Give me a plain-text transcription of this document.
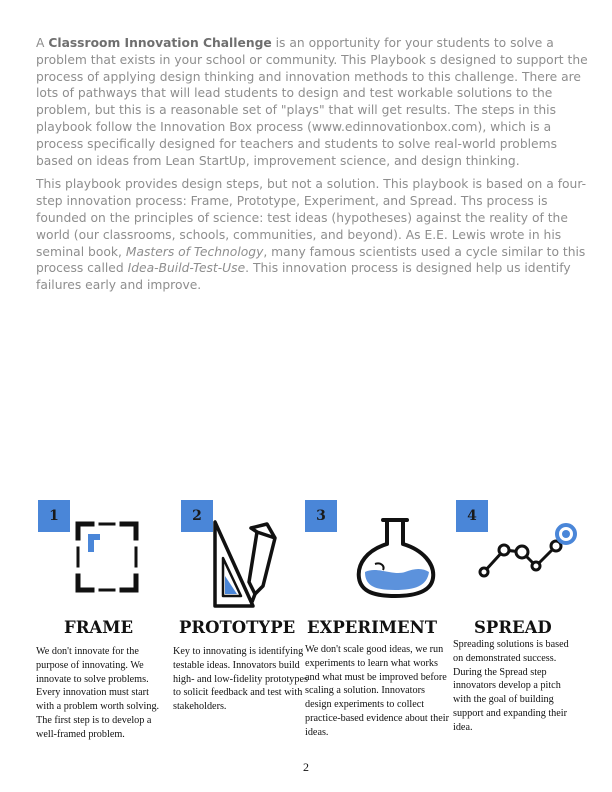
A Classroom Innovation Challenge is an opportunity for your students to solve a problem that exists in your school or community. This Playbook s designed to support the process of applying design thinking and innovation methods to this challenge. There are lots of pathways that will lead students to design and test workable solutions to the problem, but this is a reasonable set of "plays" that will get results. The steps in this playbook follow the Innovation Box process (www.edinnovationbox.com), which is a process specifically designed for teachers and students to solve real-world problems based on ideas from Lean StartUp, improvement science, and design thinking.

This playbook provides design steps, but not a solution. This playbook is based on a four-step innovation process: Frame, Prototype, Experiment, and Spread. Ths process is founded on the principles of science: test ideas (hypotheses) against the reality of the world (our classrooms, schools, communities, and beyond). As E.E. Lewis wrote in his seminal book, Masters of Technology, many famous scientists used a cycle similar to this process called Idea-Build-Test-Use. This innovation process is designed help us identify failures early and improve.

1
FRAME
We don't innovate for the purpose of innovating. We innovate to solve problems. Every innovation must start with a problem worth solving. The first step is to develop a well-framed problem.
2
PROTOTYPE
Key to innovating is identifying testable ideas. Innovators build high- and low-fidelity prototypes to solicit feedback and test with stakeholders.
3
EXPERIMENT
We don't scale good ideas, we run experiments to learn what works and what must be improved before scaling a solution. Innovators design experiments to collect practice-based evidence about their ideas.
4
SPREAD
Spreading solutions is based on demonstrated success. During the Spread step innovators develop a pitch with the goal of building support and expanding their idea.
2
